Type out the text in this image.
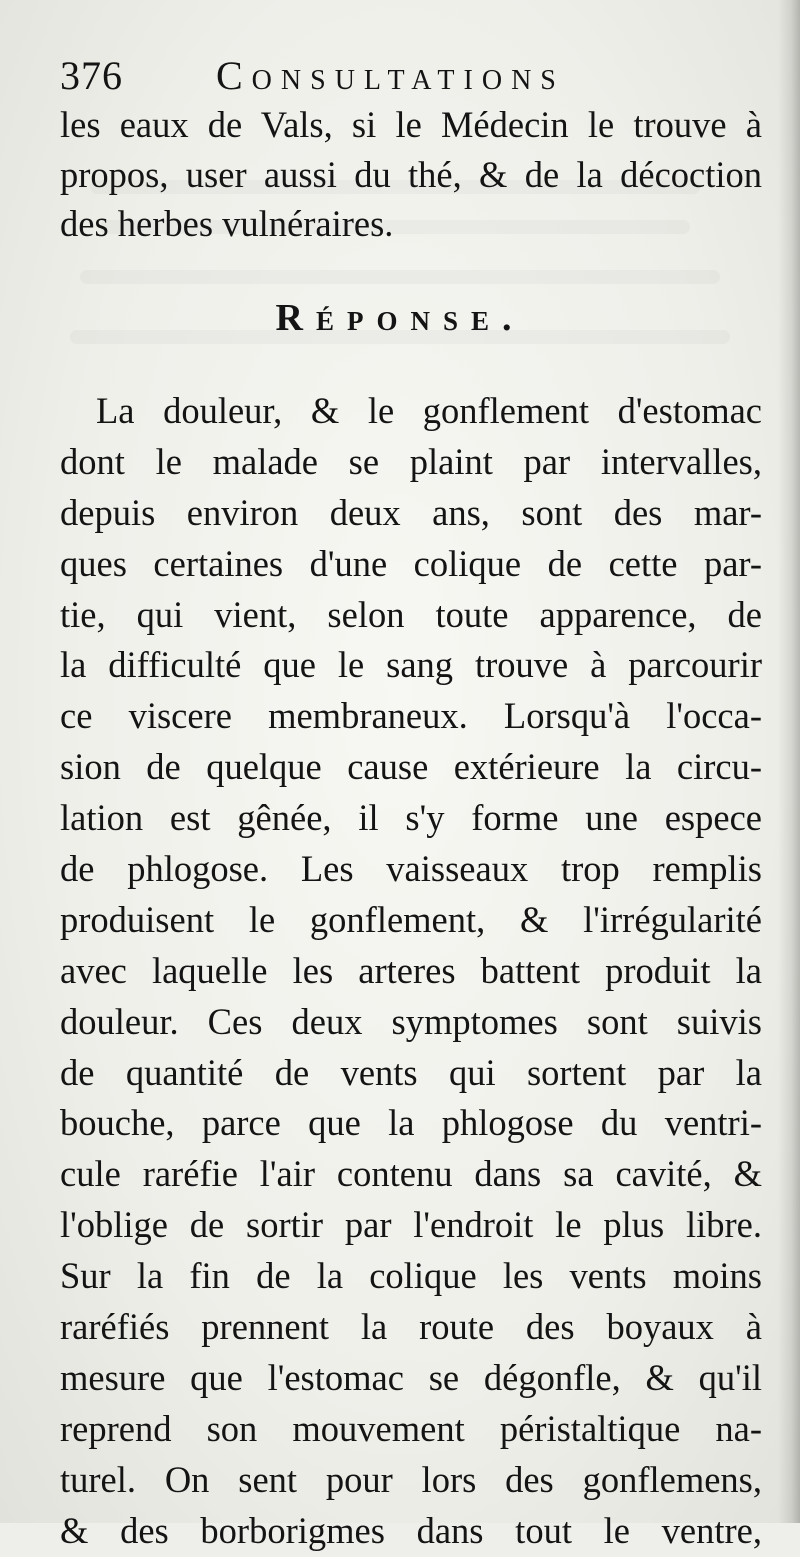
376 Consultations
les eaux de Vals, si le Médecin le trouve à
propos, user aussi du thé, & de la décoction
des herbes vulnéraires.
Réponse.
La douleur, & le gonflement d'estomac
dont le malade se plaint par intervalles,
depuis environ deux ans, sont des mar-
ques certaines d'une colique de cette par-
tie, qui vient, selon toute apparence, de
la difficulté que le sang trouve à parcourir
ce viscere membraneux. Lorsqu'à l'occa-
sion de quelque cause extérieure la circu-
lation est gênée, il s'y forme une espece
de phlogose. Les vaisseaux trop remplis
produisent le gonflement, & l'irrégularité
avec laquelle les arteres battent produit la
douleur. Ces deux symptomes sont suivis
de quantité de vents qui sortent par la
bouche, parce que la phlogose du ventri-
cule raréfie l'air contenu dans sa cavité, &
l'oblige de sortir par l'endroit le plus libre.
Sur la fin de la colique les vents moins
raréfiés prennent la route des boyaux à
mesure que l'estomac se dégonfle, & qu'il
reprend son mouvement péristaltique na-
turel. On sent pour lors des gonflemens,
& des borborigmes dans tout le ventre,
